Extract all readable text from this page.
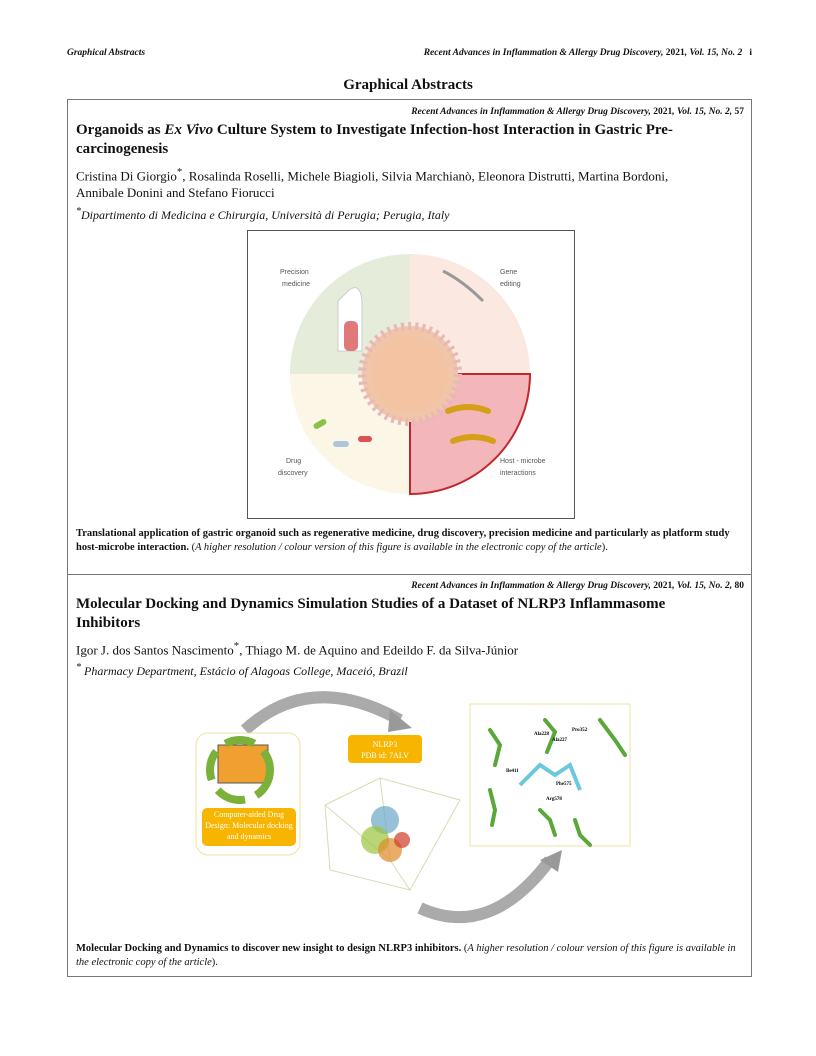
Graphical Abstracts	Recent Advances in Inflammation & Allergy Drug Discovery, 2021, Vol. 15, No. 2 i
Graphical Abstracts
Recent Advances in Inflammation & Allergy Drug Discovery, 2021, Vol. 15, No. 2, 57
Organoids as Ex Vivo Culture System to Investigate Infection-host Interaction in Gastric Pre-carcinogenesis
Cristina Di Giorgio*, Rosalinda Roselli, Michele Biagioli, Silvia Marchianò, Eleonora Distrutti, Martina Bordoni, Annibale Donini and Stefano Fiorucci
*Dipartimento di Medicina e Chirurgia, Università di Perugia; Perugia, Italy
Precision
medicine
Gene
editing
Drug
discovery
Host - microbe
interactions
Translational application of gastric organoid such as regenerative medicine, drug discovery, precision medicine and particularly as platform study host-microbe interaction. (A higher resolution / colour version of this figure is available in the electronic copy of the article).
Recent Advances in Inflammation & Allergy Drug Discovery, 2021, Vol. 15, No. 2, 80
Molecular Docking and Dynamics Simulation Studies of a Dataset of NLRP3 Inflammasome Inhibitors
Igor J. dos Santos Nascimento*, Thiago M. de Aquino and Edeildo F. da Silva-Júnior
* Pharmacy Department, Estácio of Alagoas College, Maceió, Brazil
Computer-aided Drug Design: Molecular docking and dynamics
NLRP3
PDB id: 7ALV
Ala228
Ala227
Pro352
Ile411
Phe575
Arg578
Molecular Docking and Dynamics to discover new insight to design NLRP3 inhibitors. (A higher resolution / colour version of this figure is available in the electronic copy of the article).
